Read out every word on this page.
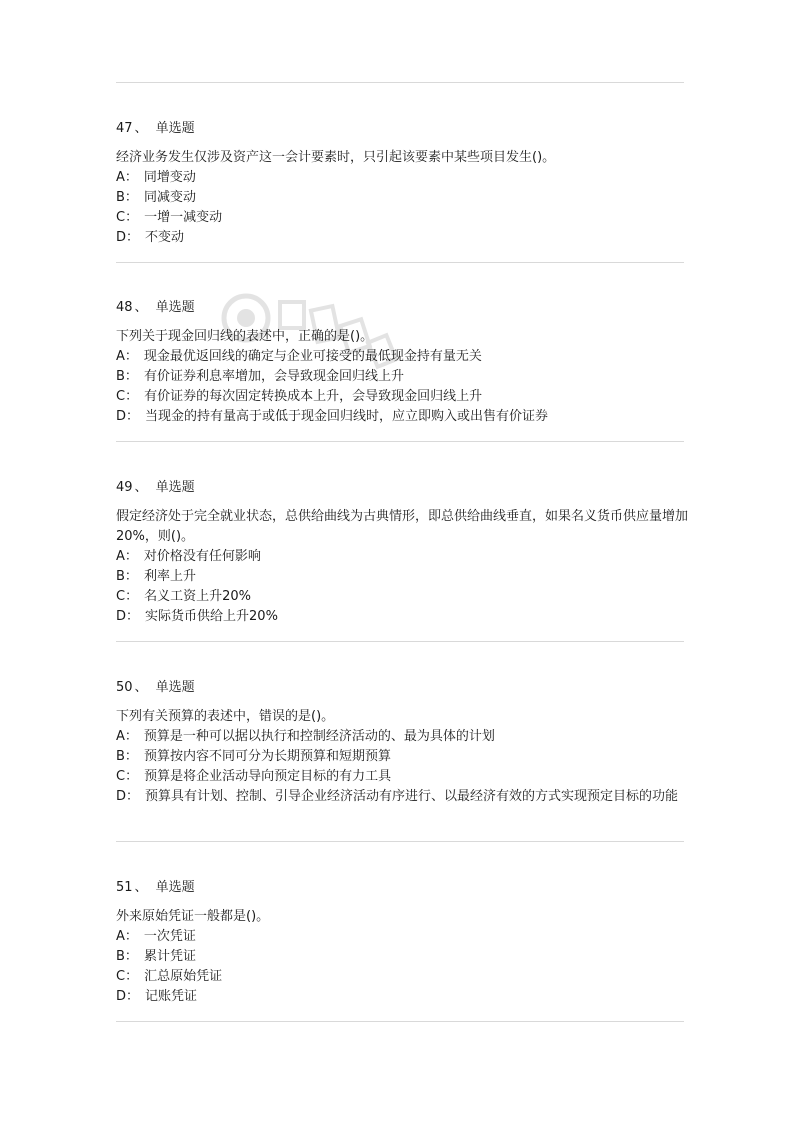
47 、 单选题

经济业务发生仅涉及资产这一会计要素时，只引起该要素中某些项目发生()。

A ： 同增变动
B ： 同减变动
C ： 一增一减变动
D ： 不变动
48 、 单选题

下列关于现金回归线的表述中，正确的是()。

A ： 现金最优返回线的确定与企业可接受的最低现金持有量无关
B ： 有价证券利息率增加，会导致现金回归线上升
C ： 有价证券的每次固定转换成本上升，会导致现金回归线上升
D ： 当现金的持有量高于或低于现金回归线时，应立即购入或出售有价证券
49 、 单选题

假定经济处于完全就业状态，总供给曲线为古典情形，即总供给曲线垂直，如果名义货币供应量增加20%，则()。

A ： 对价格没有任何影响
B ： 利率上升
C ： 名义工资上升20%
D ： 实际货币供给上升20%
50 、 单选题

下列有关预算的表述中，错误的是()。

A ： 预算是一种可以据以执行和控制经济活动的、最为具体的计划
B ： 预算按内容不同可分为长期预算和短期预算
C ： 预算是将企业活动导向预定目标的有力工具
D ： 预算具有计划、控制、引导企业经济活动有序进行、以最经济有效的方式实现预定目标的功能
51 、 单选题

外来原始凭证一般都是()。

A ： 一次凭证
B ： 累计凭证
C ： 汇总原始凭证
D ： 记账凭证
